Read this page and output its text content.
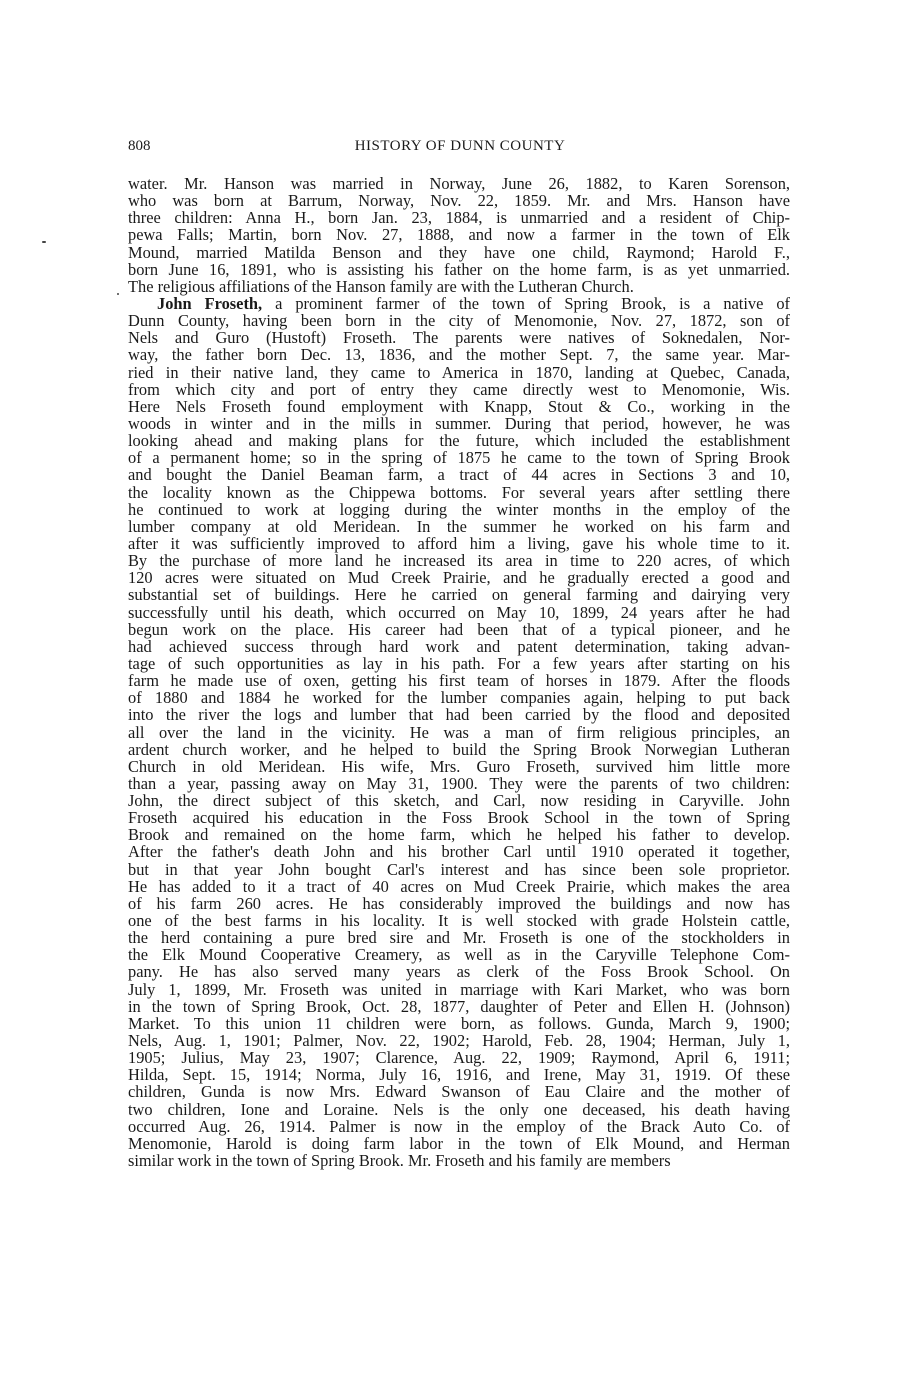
808	HISTORY OF DUNN COUNTY
water. Mr. Hanson was married in Norway, June 26, 1882, to Karen Sorenson,
who was born at Barrum, Norway, Nov. 22, 1859. Mr. and Mrs. Hanson have
three children: Anna H., born Jan. 23, 1884, is unmarried and a resident of Chip-
pewa Falls; Martin, born Nov. 27, 1888, and now a farmer in the town of Elk
Mound, married Matilda Benson and they have one child, Raymond; Harold F.,
born June 16, 1891, who is assisting his father on the home farm, is as yet unmarried.
The religious affiliations of the Hanson family are with the Lutheran Church.
John Froseth, a prominent farmer of the town of Spring Brook, is a native of
Dunn County, having been born in the city of Menomonie, Nov. 27, 1872, son of
Nels and Guro (Hustoft) Froseth. The parents were natives of Soknedalen, Nor-
way, the father born Dec. 13, 1836, and the mother Sept. 7, the same year. Mar-
ried in their native land, they came to America in 1870, landing at Quebec, Canada,
from which city and port of entry they came directly west to Menomonie, Wis.
Here Nels Froseth found employment with Knapp, Stout & Co., working in the
woods in winter and in the mills in summer. During that period, however, he was
looking ahead and making plans for the future, which included the establishment
of a permanent home; so in the spring of 1875 he came to the town of Spring Brook
and bought the Daniel Beaman farm, a tract of 44 acres in Sections 3 and 10,
the locality known as the Chippewa bottoms. For several years after settling there
he continued to work at logging during the winter months in the employ of the
lumber company at old Meridean. In the summer he worked on his farm and
after it was sufficiently improved to afford him a living, gave his whole time to it.
By the purchase of more land he increased its area in time to 220 acres, of which
120 acres were situated on Mud Creek Prairie, and he gradually erected a good and
substantial set of buildings. Here he carried on general farming and dairying very
successfully until his death, which occurred on May 10, 1899, 24 years after he had
begun work on the place. His career had been that of a typical pioneer, and he
had achieved success through hard work and patent determination, taking advan-
tage of such opportunities as lay in his path. For a few years after starting on his
farm he made use of oxen, getting his first team of horses in 1879. After the floods
of 1880 and 1884 he worked for the lumber companies again, helping to put back
into the river the logs and lumber that had been carried by the flood and deposited
all over the land in the vicinity. He was a man of firm religious principles, an
ardent church worker, and he helped to build the Spring Brook Norwegian Lutheran
Church in old Meridean. His wife, Mrs. Guro Froseth, survived him little more
than a year, passing away on May 31, 1900. They were the parents of two children:
John, the direct subject of this sketch, and Carl, now residing in Caryville. John
Froseth acquired his education in the Foss Brook School in the town of Spring
Brook and remained on the home farm, which he helped his father to develop.
After the father's death John and his brother Carl until 1910 operated it together,
but in that year John bought Carl's interest and has since been sole proprietor.
He has added to it a tract of 40 acres on Mud Creek Prairie, which makes the area
of his farm 260 acres. He has considerably improved the buildings and now has
one of the best farms in his locality. It is well stocked with grade Holstein cattle,
the herd containing a pure bred sire and Mr. Froseth is one of the stockholders in
the Elk Mound Cooperative Creamery, as well as in the Caryville Telephone Com-
pany. He has also served many years as clerk of the Foss Brook School. On
July 1, 1899, Mr. Froseth was united in marriage with Kari Market, who was born
in the town of Spring Brook, Oct. 28, 1877, daughter of Peter and Ellen H. (Johnson)
Market. To this union 11 children were born, as follows. Gunda, March 9, 1900;
Nels, Aug. 1, 1901; Palmer, Nov. 22, 1902; Harold, Feb. 28, 1904; Herman, July 1,
1905; Julius, May 23, 1907; Clarence, Aug. 22, 1909; Raymond, April 6, 1911;
Hilda, Sept. 15, 1914; Norma, July 16, 1916, and Irene, May 31, 1919. Of these
children, Gunda is now Mrs. Edward Swanson of Eau Claire and the mother of
two children, Ione and Loraine. Nels is the only one deceased, his death having
occurred Aug. 26, 1914. Palmer is now in the employ of the Brack Auto Co. of
Menomonie, Harold is doing farm labor in the town of Elk Mound, and Herman
similar work in the town of Spring Brook. Mr. Froseth and his family are members
